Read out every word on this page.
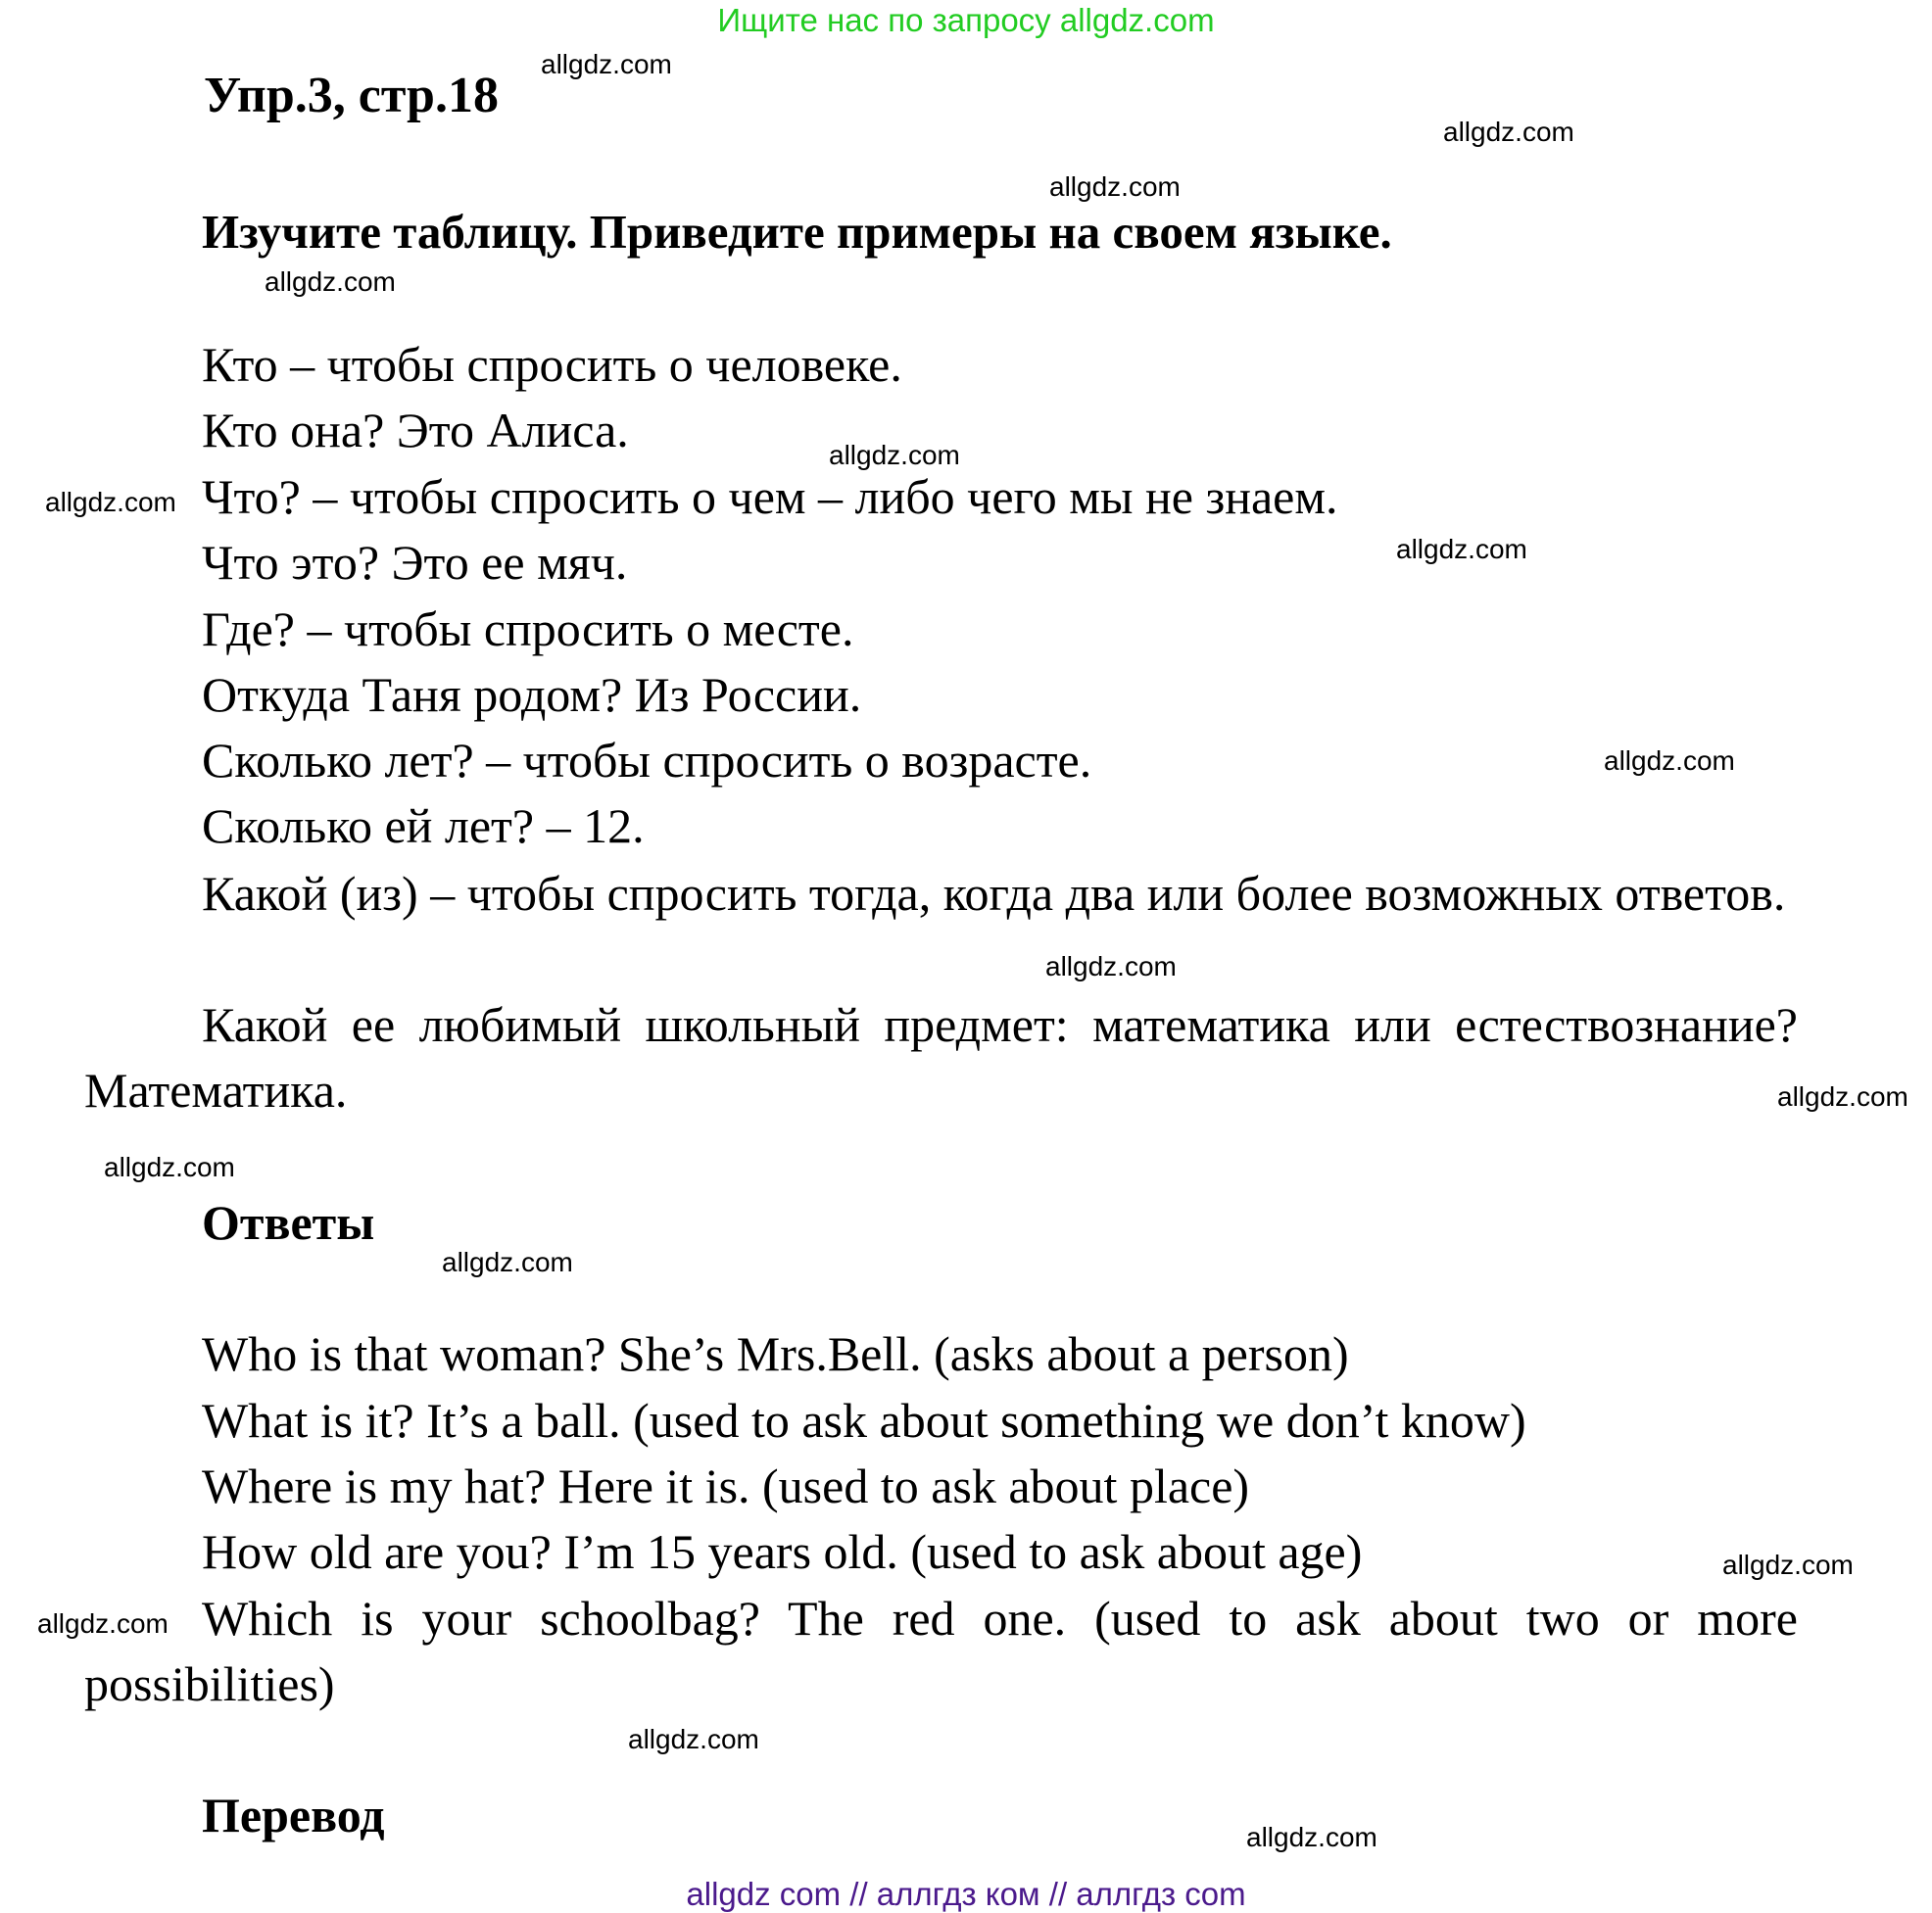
Ищите нас по запросу allgdz.com
Упр.3, стр.18
Изучите таблицу. Приведите примеры на своем языке.
Кто – чтобы спросить о человеке.
Кто она? Это Алиса.
Что? – чтобы спросить о чем – либо чего мы не знаем.
Что это? Это ее мяч.
Где? – чтобы спросить о месте.
Откуда Таня родом? Из России.
Сколько лет? – чтобы спросить о возрасте.
Сколько ей лет? – 12.
Какой (из) – чтобы спросить тогда, когда два или более возможных ответов.
Какой ее любимый школьный предмет: математика или естествознание? Математика.
Ответы
Who is that woman? She’s Mrs.Bell. (asks about a person)
What is it? It’s a ball. (used to ask about something we don’t know)
Where is my hat? Here it is. (used to ask about place)
How old are you? I’m 15 years old. (used to ask about age)
Which is your schoolbag? The red one. (used to ask about two or more possibilities)
Перевод
allgdz.com
allgdz.com
allgdz.com
allgdz.com
allgdz.com
allgdz.com
allgdz.com
allgdz.com
allgdz.com
allgdz.com
allgdz.com
allgdz.com
allgdz.com
allgdz.com
allgdz.com
allgdz.com
allgdz com // аллгдз ком // аллгдз com
